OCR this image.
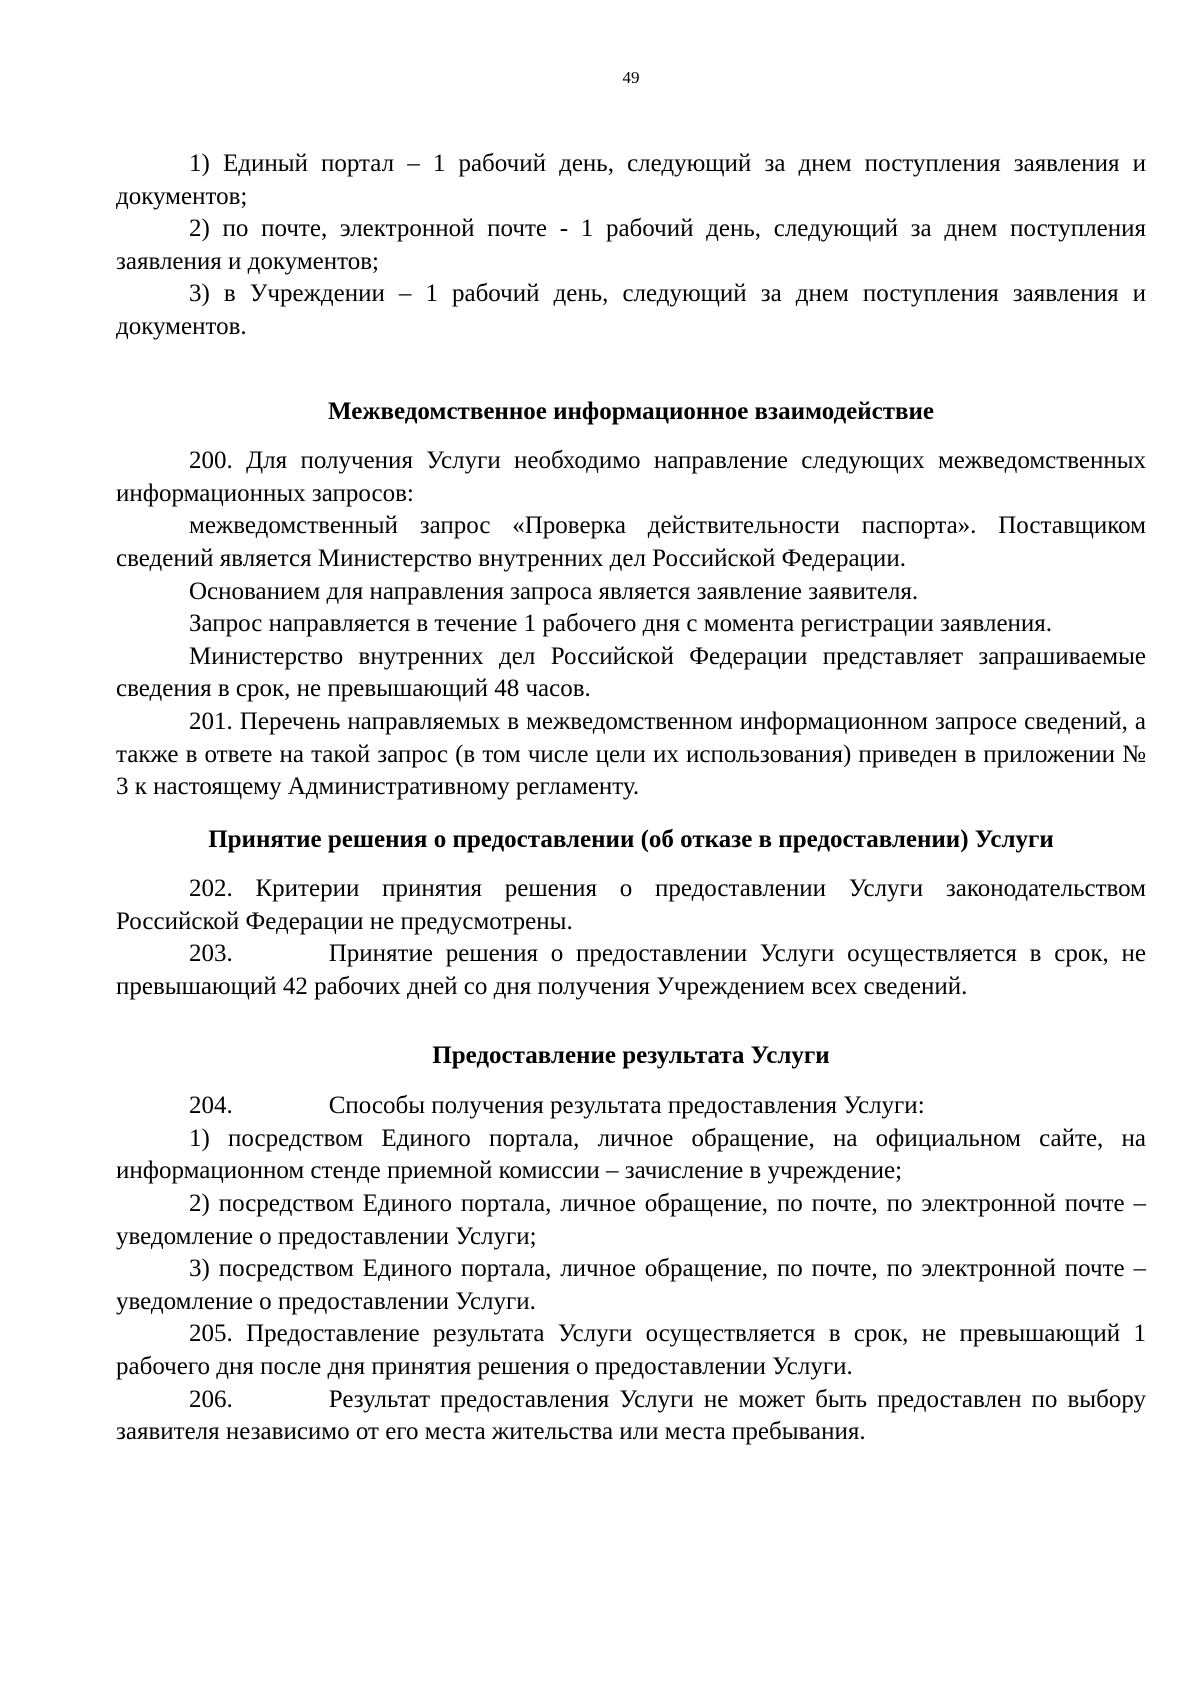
49

1) Единый портал – 1 рабочий день, следующий за днем поступления заявления и документов;

2) по почте, электронной почте - 1 рабочий день, следующий за днем поступления заявления и документов;

3) в Учреждении – 1 рабочий день, следующий за днем поступления заявления и документов.

Межведомственное информационное взаимодействие

200. Для получения Услуги необходимо направление следующих межведомственных информационных запросов:

межведомственный запрос «Проверка действительности паспорта». Поставщиком сведений является Министерство внутренних дел Российской Федерации.

Основанием для направления запроса является заявление заявителя.

Запрос направляется в течение 1 рабочего дня с момента регистрации заявления.

Министерство внутренних дел Российской Федерации представляет запрашиваемые сведения в срок, не превышающий 48 часов.

201. Перечень направляемых в межведомственном информационном запросе сведений, а также в ответе на такой запрос (в том числе цели их использования) приведен в приложении № 3 к настоящему Административному регламенту.

Принятие решения о предоставлении (об отказе в предоставлении) Услуги

202. Критерии принятия решения о предоставлении Услуги законодательством Российской Федерации не предусмотрены.

203.	Принятие решения о предоставлении Услуги осуществляется в срок, не превышающий 42 рабочих дней со дня получения Учреждением всех сведений.

Предоставление результата Услуги

204.	Способы получения результата предоставления Услуги:

1) посредством Единого портала, личное обращение, на официальном сайте, на информационном стенде приемной комиссии – зачисление в учреждение;

2) посредством Единого портала, личное обращение, по почте, по электронной почте – уведомление о предоставлении Услуги;

3) посредством Единого портала, личное обращение, по почте, по электронной почте – уведомление о предоставлении Услуги.

205. Предоставление результата Услуги осуществляется в срок, не превышающий 1 рабочего дня после дня принятия решения о предоставлении Услуги.

206.	Результат предоставления Услуги не может быть предоставлен по выбору заявителя независимо от его места жительства или места пребывания.
